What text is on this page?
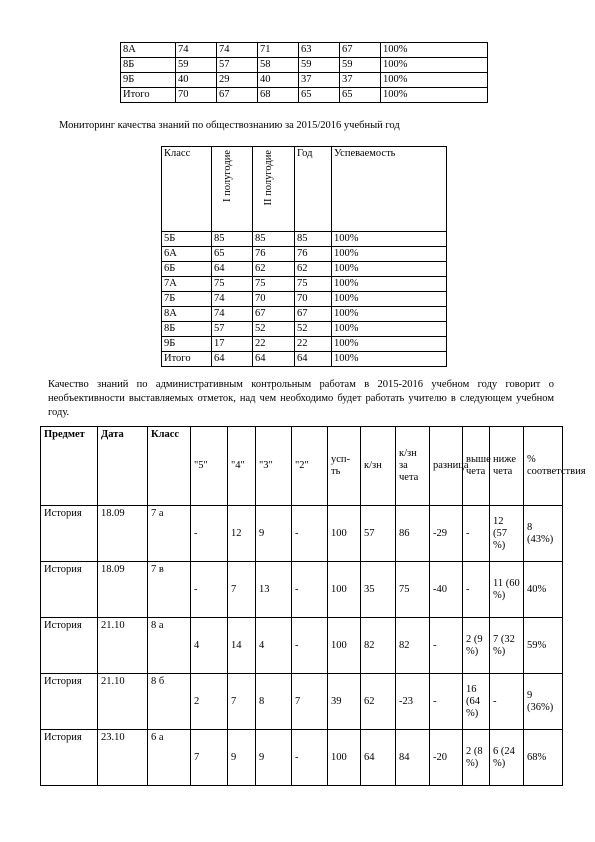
8А	74	74	71	63	67	100%
8Б	59	57	58	59	59	100%
9Б	40	29	40	37	37	100%
Итого	70	67	68	65	65	100%
Мониторинг качества знаний по обществознанию за 2015/2016 учебный год
Класс	I полугодие	II полугодие	Год	Успеваемость
5Б	85	85	85	100%
6А	65	76	76	100%
6Б	64	62	62	100%
7А	75	75	75	100%
7Б	74	70	70	100%
8А	74	67	67	100%
8Б	57	52	52	100%
9Б	17	22	22	100%
Итого	64	64	64	100%
Качество знаний по административным контрольным работам в 2015-2016 учебном году говорит о необъективности выставляемых отметок, над чем необходимо будет работать учителю в следующем учебном году.
Предмет	Дата	Класс	"5"	"4"	"3"	"2"	усп-ть	к/зн	к/зн за чета	разница	выше чета	ниже чета	% соответствия
История	18.09	7 а	-	12	9	-	100	57	86	-29	-	12 (57 %)	8 (43%)
История	18.09	7 в	-	7	13	-	100	35	75	-40	-	11 (60 %)	40%
История	21.10	8 а	4	14	4	-	100	82	82	-	2 (9 %)	7 (32 %)	59%
История	21.10	8 б	2	7	8	7	39	62	-23	-	16 (64 %)	-	9 (36%)
История	23.10	6 а	7	9	9	-	100	64	84	-20	2 (8 %)	6 (24 %)	68%
